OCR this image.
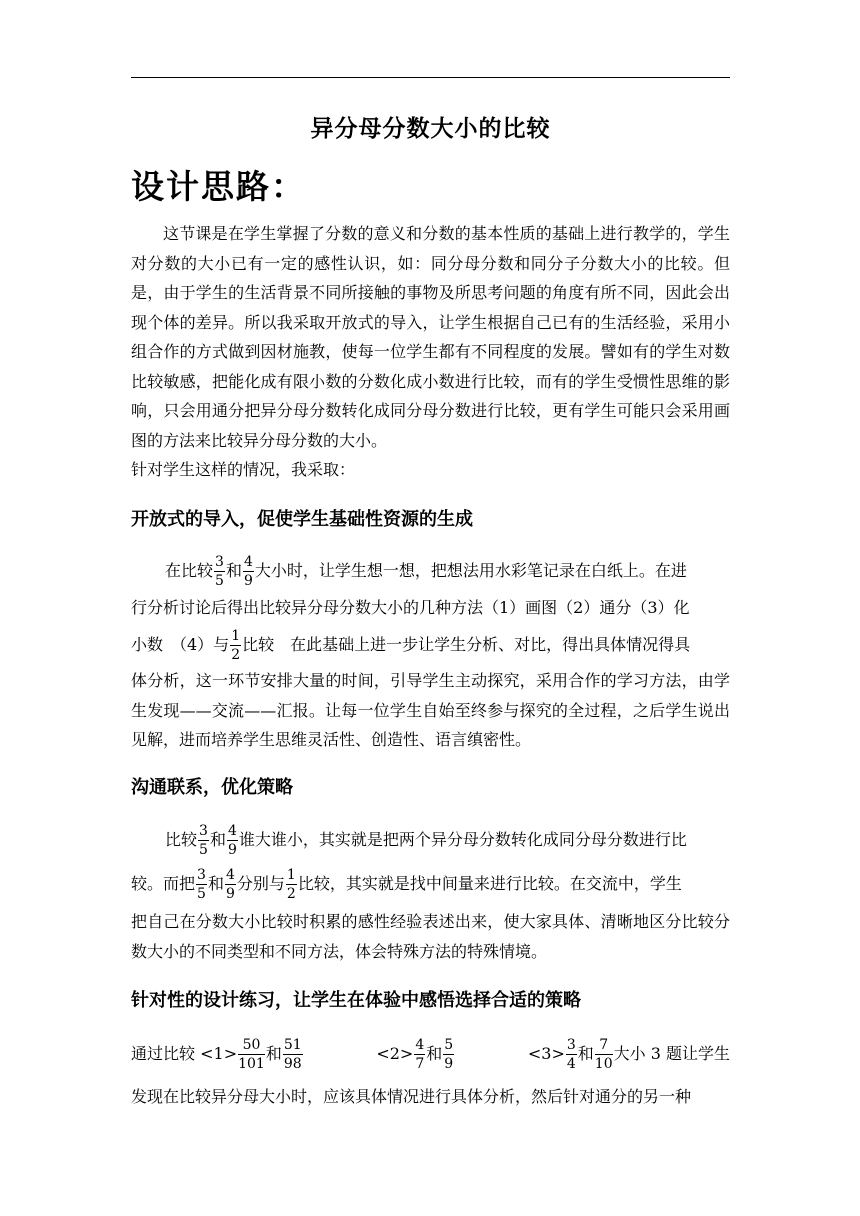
异分母分数大小的比较
设计思路：
这节课是在学生掌握了分数的意义和分数的基本性质的基础上进行教学的，学生对分数的大小已有一定的感性认识，如：同分母分数和同分子分数大小的比较。但是，由于学生的生活背景不同所接触的事物及所思考问题的角度有所不同，因此会出现个体的差异。所以我采取开放式的导入，让学生根据自己已有的生活经验，采用小组合作的方式做到因材施教，使每一位学生都有不同程度的发展。譬如有的学生对数比较敏感，把能化成有限小数的分数化成小数进行比较，而有的学生受惯性思维的影响，只会用通分把异分母分数转化成同分母分数进行比较，更有学生可能只会采用画图的方法来比较异分母分数的大小。
针对学生这样的情况，我采取：
开放式的导入，促使学生基础性资源的生成
在比较 $\frac{3}{5}$ 和 $\frac{4}{9}$ 大小时，让学生想一想，把想法用水彩笔记录在白纸上。在进
行分析讨论后得出比较异分母分数大小的几种方法（1）画图（2）通分（3）化
小数　（4）与 $\frac{1}{2}$ 比较　在此基础上进一步让学生分析、对比，得出具体情况得具
体分析，这一环节安排大量的时间，引导学生主动探究，采用合作的学习方法，由学生发现——交流——汇报。让每一位学生自始至终参与探究的全过程，之后学生说出见解，进而培养学生思维灵活性、创造性、语言缜密性。
沟通联系，优化策略
比较 $\frac{3}{5}$ 和 $\frac{4}{9}$ 谁大谁小，其实就是把两个异分母分数转化成同分母分数进行比
较。而把 $\frac{3}{5}$ 和 $\frac{4}{9}$ 分别与 $\frac{1}{2}$ 比较，其实就是找中间量来进行比较。在交流中，学生
把自己在分数大小比较时积累的感性经验表述出来，使大家具体、清晰地区分比较分数大小的不同类型和不同方法，体会特殊方法的特殊情境。
针对性的设计练习，让学生在体验中感悟选择合适的策略
通过比较 $<1> \frac{50}{101}$ 和 $\frac{51}{98}$	$<2> \frac{4}{7}$ 和 $\frac{5}{9}$	$<3> \frac{3}{4}$ 和 $\frac{7}{10}$ 大小 3 题让学生
发现在比较异分母大小时，应该具体情况进行具体分析，然后针对通分的另一种
